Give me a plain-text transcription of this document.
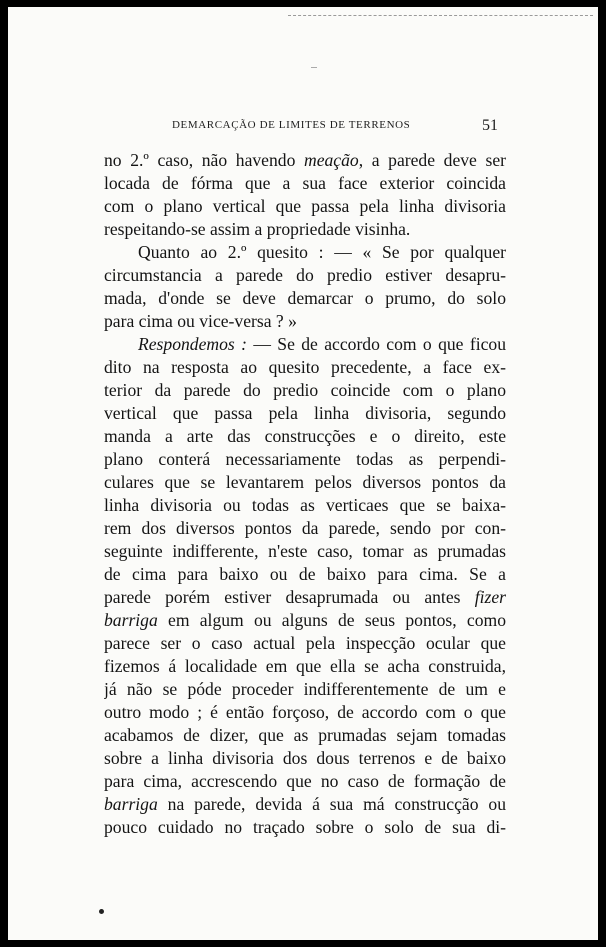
DEMARCAÇÃO DE LIMITES DE TERRENOS	51
no 2.º caso, não havendo meação, a parede deve ser
locada de fórma que a sua face exterior coincida
com o plano vertical que passa pela linha divisoria
respeitando-se assim a propriedade visinha.
Quanto ao 2.º quesito : — « Se por qualquer
circumstancia a parede do predio estiver desapru-
mada, d'onde se deve demarcar o prumo, do solo
para cima ou vice-versa ? »
Respondemos : — Se de accordo com o que ficou
dito na resposta ao quesito precedente, a face ex-
terior da parede do predio coincide com o plano
vertical que passa pela linha divisoria, segundo
manda a arte das construcções e o direito, este
plano conterá necessariamente todas as perpendi-
culares que se levantarem pelos diversos pontos da
linha divisoria ou todas as verticaes que se baixa-
rem dos diversos pontos da parede, sendo por con-
seguinte indifferente, n'este caso, tomar as prumadas
de cima para baixo ou de baixo para cima. Se a
parede porém estiver desaprumada ou antes fizer
barriga em algum ou alguns de seus pontos, como
parece ser o caso actual pela inspecção ocular que
fizemos á localidade em que ella se acha construida,
já não se póde proceder indifferentemente de um e
outro modo ; é então forçoso, de accordo com o que
acabamos de dizer, que as prumadas sejam tomadas
sobre a linha divisoria dos dous terrenos e de baixo
para cima, accrescendo que no caso de formação de
barriga na parede, devida á sua má construcção ou
pouco cuidado no traçado sobre o solo de sua di-
